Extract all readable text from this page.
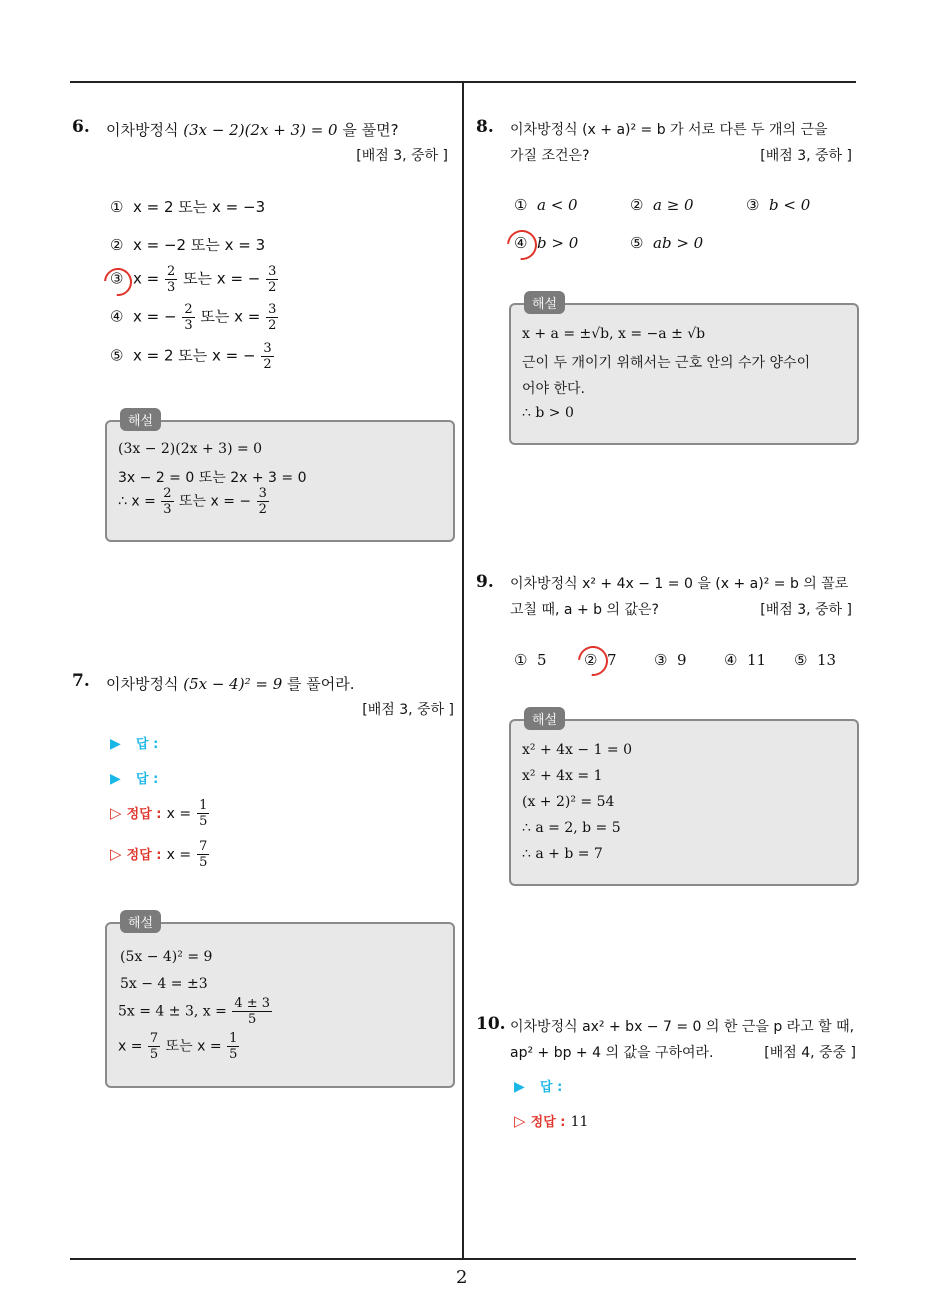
2
6. 이차방정식 (3x − 2)(2x + 3) = 0 을 풀면?
[배점 3, 중하 ]
① x = 2 또는 x = −3
② x = −2 또는 x = 3
③ $x = \frac{2}{3}$ 또는 x = − $\frac{3}{2}$
④ x = − $\frac{2}{3}$ 또는 $x = \frac{3}{2}$
⑤ x = 2 또는 x = − $\frac{3}{2}$
해설
(3x − 2)(2x + 3) = 0
3x − 2 = 0 또는 2x + 3 = 0
∴ $x = \frac{2}{3}$ 또는 x = − $\frac{3}{2}$
7. 이차방정식 (5x − 4)² = 9 를 풀어라.
[배점 3, 중하 ]
▶ 답 :
▶ 답 :
▷ 정답 : $x = \frac{1}{5}$
▷ 정답 : $x = \frac{7}{5}$
해설
(5x − 4)² = 9
5x − 4 = ±3
5x = 4 ± 3, $x = \frac{4 \pm 3}{5}$
$x = \frac{7}{5}$ 또는 $x = \frac{1}{5}$
8. 이차방정식 (x + a)² = b 가 서로 다른 두 개의 근을
가질 조건은?	[배점 3, 중하 ]
① a < 0	② a ≥ 0	③ b < 0
④ b > 0	⑤ ab > 0
해설
x + a = ±√b, x = −a ± √b
근이 두 개이기 위해서는 근호 안의 수가 양수이
어야 한다.
∴ b > 0
9. 이차방정식 x² + 4x − 1 = 0 을 (x + a)² = b 의 꼴로
고칠 때, a + b 의 값은?	[배점 3, 중하 ]
① 5 ② 7 ③ 9 ④ 11 ⑤ 13
해설
x² + 4x − 1 = 0
x² + 4x = 1
(x + 2)² = 54
∴ a = 2, b = 5
∴ a + b = 7
10. 이차방정식 ax² + bx − 7 = 0 의 한 근을 p 라고 할 때,
ap² + bp + 4 의 값을 구하여라.	[배점 4, 중중 ]
▶ 답 :
▷ 정답 : 11
